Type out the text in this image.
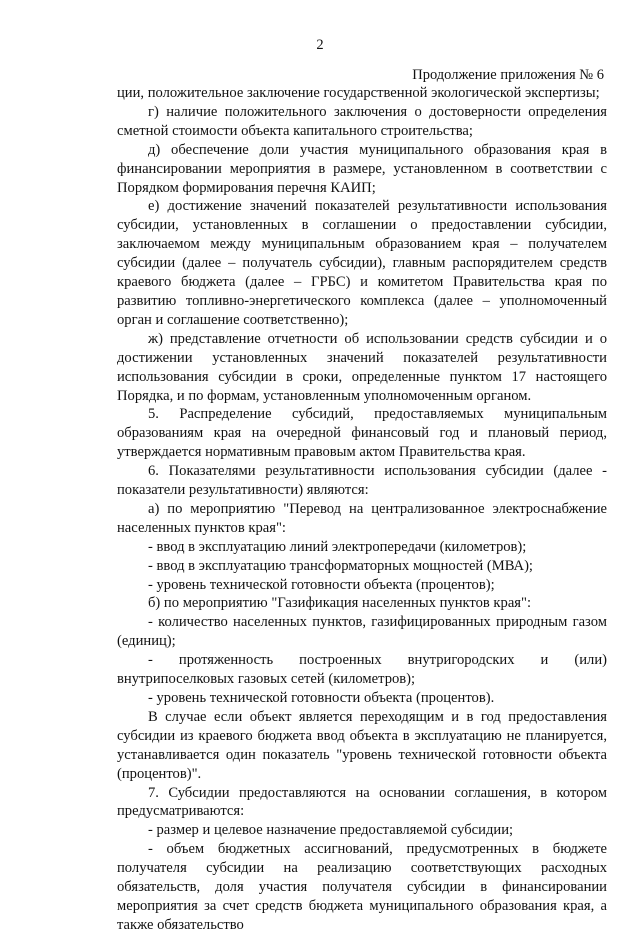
2
Продолжение приложения № 6

ции, положительное заключение государственной экологической экспертизы;

г) наличие положительного заключения о достоверности определения сметной стоимости объекта капитального строительства;

д) обеспечение доли участия муниципального образования края в финансировании мероприятия в размере, установленном в соответствии с Порядком формирования перечня КАИП;

е) достижение значений показателей результативности использования субсидии, установленных в соглашении о предоставлении субсидии, заключаемом между муниципальным образованием края – получателем субсидии (далее – получатель субсидии), главным распорядителем средств краевого бюджета (далее – ГРБС) и комитетом Правительства края по развитию топливно-энергетического комплекса (далее – уполномоченный орган и соглашение соответственно);

ж) представление отчетности об использовании средств субсидии и о достижении установленных значений показателей результативности использования субсидии в сроки, определенные пунктом 17 настоящего Порядка, и по формам, установленным уполномоченным органом.

5. Распределение субсидий, предоставляемых муниципальным образованиям края на очередной финансовый год и плановый период, утверждается нормативным правовым актом Правительства края.

6. Показателями результативности использования субсидии (далее - показатели результативности) являются:

а) по мероприятию "Перевод на централизованное электроснабжение населенных пунктов края":

- ввод в эксплуатацию линий электропередачи (километров);

- ввод в эксплуатацию трансформаторных мощностей (МВА);

- уровень технической готовности объекта (процентов);

б) по мероприятию "Газификация населенных пунктов края":

- количество населенных пунктов, газифицированных природным газом (единиц);

- протяженность построенных внутригородских и (или) внутрипоселковых газовых сетей (километров);

- уровень технической готовности объекта (процентов).

В случае если объект является переходящим и в год предоставления субсидии из краевого бюджета ввод объекта в эксплуатацию не планируется, устанавливается один показатель "уровень технической готовности объекта (процентов)".

7. Субсидии предоставляются на основании соглашения, в котором предусматриваются:

- размер и целевое назначение предоставляемой субсидии;

- объем бюджетных ассигнований, предусмотренных в бюджете получателя субсидии на реализацию соответствующих расходных обязательств, доля участия получателя субсидии в финансировании мероприятия за счет средств бюджета муниципального образования края, а также обязательство
